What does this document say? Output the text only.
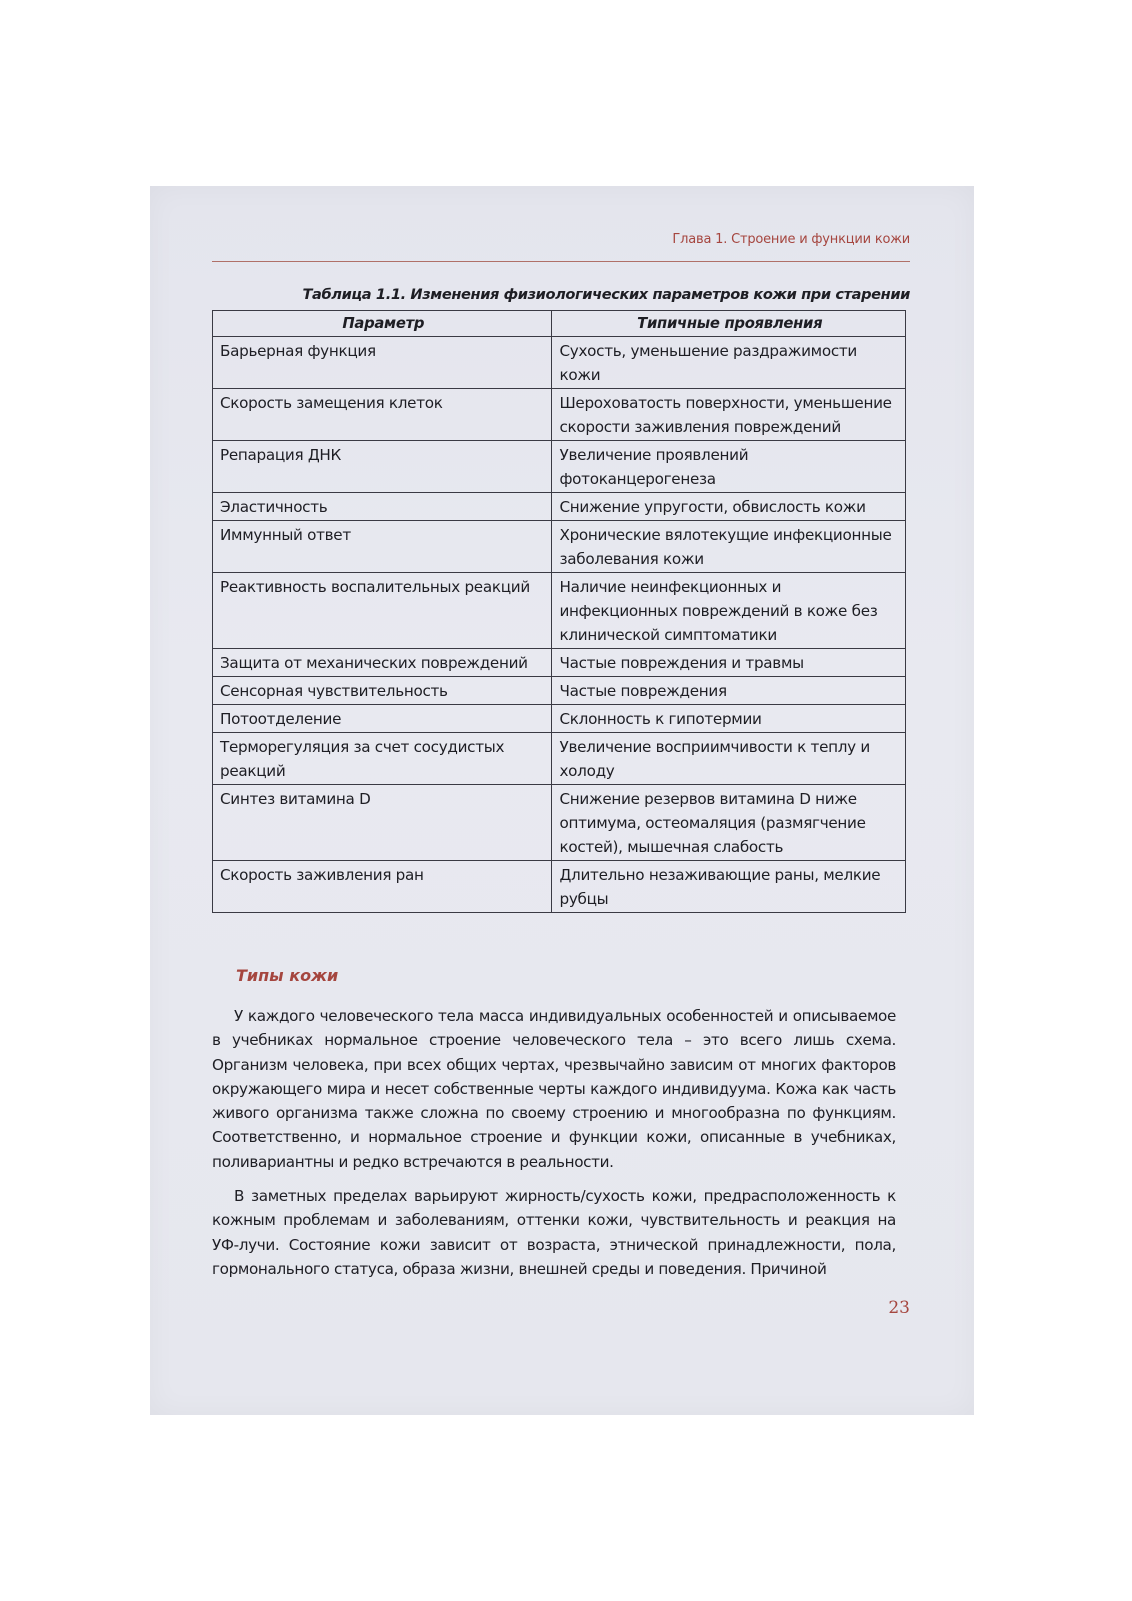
Глава 1. Строение и функции кожи
Таблица 1.1. Изменения физиологических параметров кожи при старении
Параметр	Типичные проявления
Барьерная функция	Сухость, уменьшение раздражимости кожи
Скорость замещения клеток	Шероховатость поверхности, уменьшение скорости заживления повреждений
Репарация ДНК	Увеличение проявлений фотоканцерогенеза
Эластичность	Снижение упругости, обвислость кожи
Иммунный ответ	Хронические вялотекущие инфекционные заболевания кожи
Реактивность воспалительных реакций	Наличие неинфекционных и инфекционных повреждений в коже без клинической симптоматики
Защита от механических повреждений	Частые повреждения и травмы
Сенсорная чувствительность	Частые повреждения
Потоотделение	Склонность к гипотермии
Терморегуляция за счет сосудистых реакций	Увеличение восприимчивости к теплу и холоду
Синтез витамина D	Снижение резервов витамина D ниже оптимума, остеомаляция (размягчение костей), мышечная слабость
Скорость заживления ран	Длительно незаживающие раны, мелкие рубцы
Типы кожи

У каждого человеческого тела масса индивидуальных особенностей и описываемое в учебниках нормальное строение человеческого тела – это всего лишь схема. Организм человека, при всех общих чертах, чрезвычайно зависим от многих факторов окружающего мира и несет собственные черты каждого индивидуума. Кожа как часть живого организма также сложна по своему строению и многообразна по функциям. Соответственно, и нормальное строение и функции кожи, описанные в учебниках, поливариантны и редко встречаются в реальности.

В заметных пределах варьируют жирность/сухость кожи, предрасположенность к кожным проблемам и заболеваниям, оттенки кожи, чувствительность и реакция на УФ-лучи. Состояние кожи зависит от возраста, этнической принадлежности, пола, гормонального статуса, образа жизни, внешней среды и поведения. Причиной

23
